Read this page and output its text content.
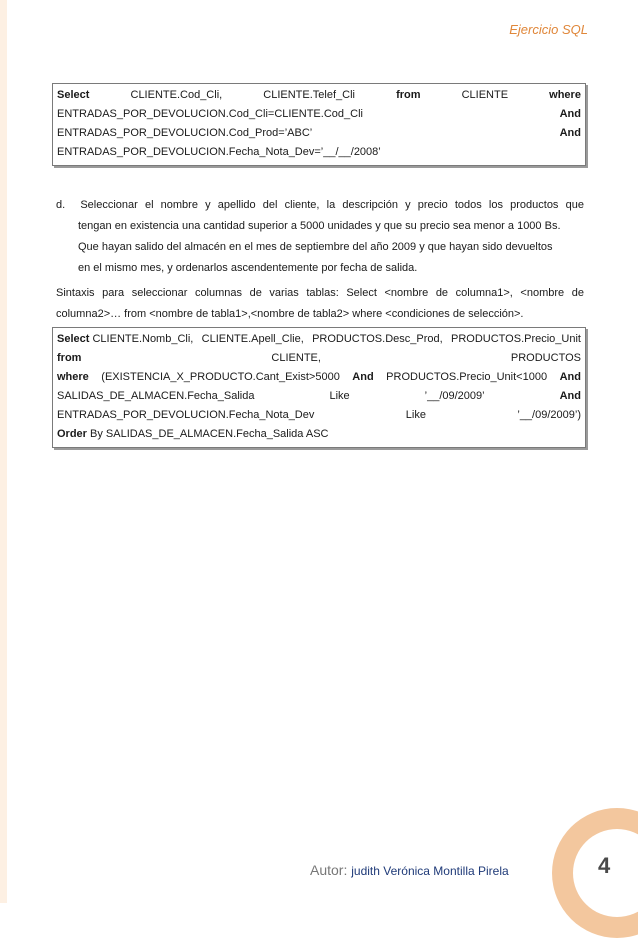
Ejercicio SQL
Select	CLIENTE.Cod_Cli,	CLIENTE.Telef_Cli	from	CLIENTE	where
ENTRADAS_POR_DEVOLUCION.Cod_Cli=CLIENTE.Cod_Cli	And
ENTRADAS_POR_DEVOLUCION.Cod_Prod=’ABC’	And
ENTRADAS_POR_DEVOLUCION.Fecha_Nota_Dev=’__/__/2008’
d. Seleccionar el nombre y apellido del cliente, la descripción y precio todos los productos que
tengan en existencia una cantidad superior a 5000 unidades y que su precio sea menor a 1000 Bs.
Que hayan salido del almacén en el mes de septiembre del año 2009 y que hayan sido devueltos
en el mismo mes, y ordenarlos ascendentemente por fecha de salida.
Sintaxis para seleccionar columnas de varias tablas: Select <nombre de columna1>, <nombre de
columna2>… from <nombre de tabla1>,<nombre de tabla2> where <condiciones de selección>.
Select CLIENTE.Nomb_Cli, CLIENTE.Apell_Clie, PRODUCTOS.Desc_Prod, PRODUCTOS.Precio_Unit
from	CLIENTE,	PRODUCTOS
where (EXISTENCIA_X_PRODUCTO.Cant_Exist>5000 And PRODUCTOS.Precio_Unit<1000 And
SALIDAS_DE_ALMACEN.Fecha_Salida	Like	’__/09/2009’	And
ENTRADAS_POR_DEVOLUCION.Fecha_Nota_Dev	Like	’__/09/2009’)
Order By SALIDAS_DE_ALMACEN.Fecha_Salida ASC
4
Autor: judith Verónica Montilla Pirela
